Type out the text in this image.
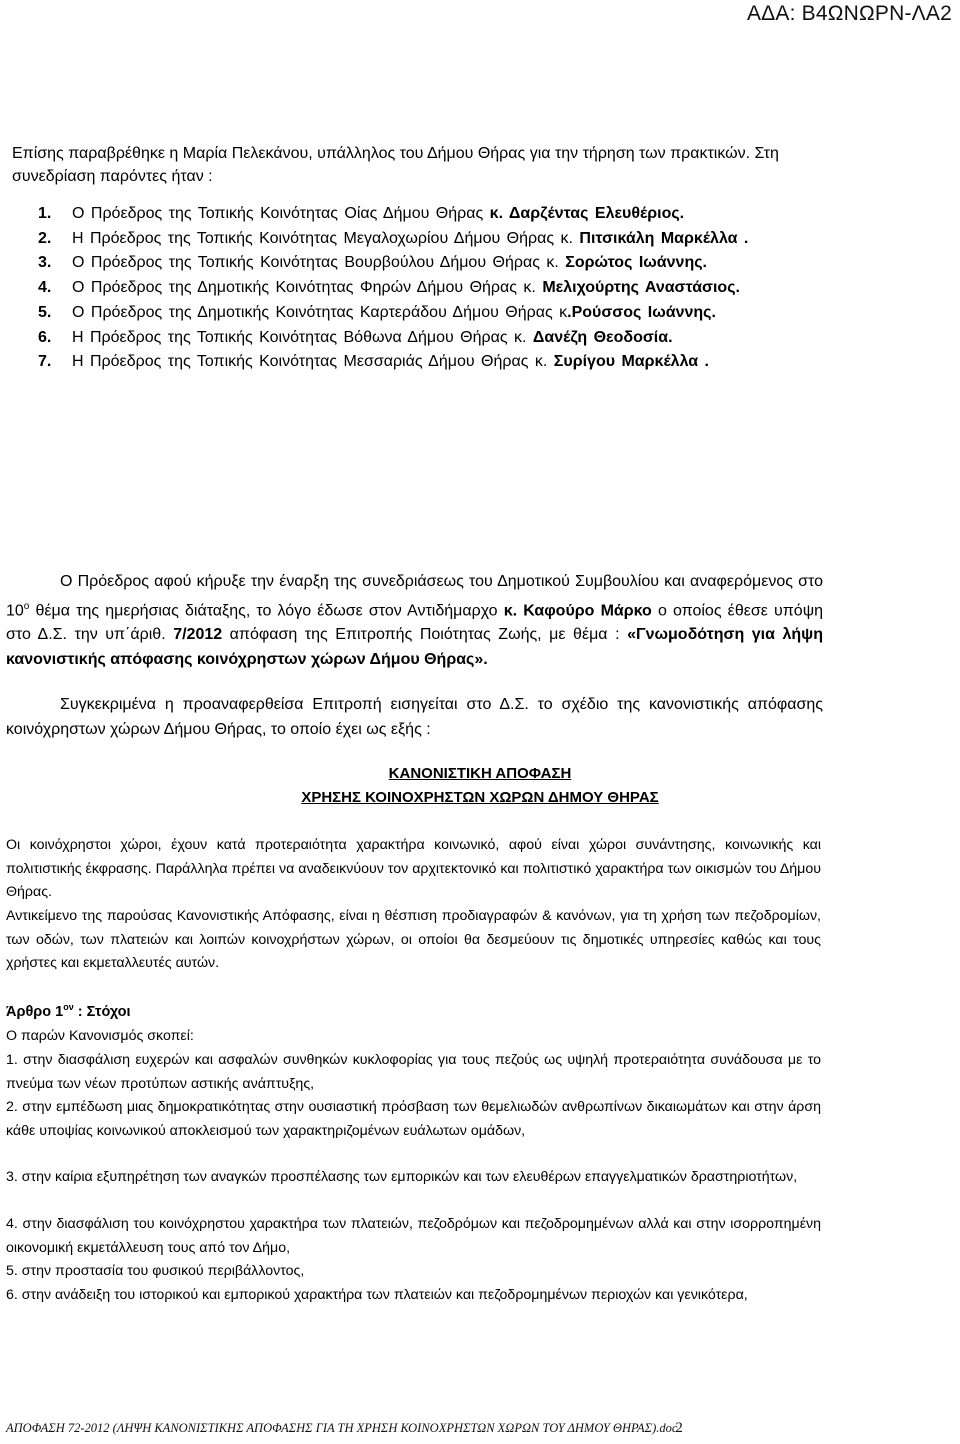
ΑΔΑ: Β4ΩΝΩΡΝ-ΛΑ2
Επίσης παραβρέθηκε η Μαρία Πελεκάνου, υπάλληλος του Δήμου Θήρας για την τήρηση των πρακτικών. Στη συνεδρίαση παρόντες ήταν :
1.	Ο Πρόεδρος της Τοπικής Κοινότητας Οίας Δήμου Θήρας κ. Δαρζέντας Ελευθέριος.
2.	Η Πρόεδρος της Τοπικής Κοινότητας Μεγαλοχωρίου Δήμου Θήρας κ. Πιτσικάλη Μαρκέλλα .
3.	Ο Πρόεδρος της Τοπικής Κοινότητας Βουρβούλου Δήμου Θήρας κ. Σορώτος Ιωάννης.
4.	Ο Πρόεδρος της Δημοτικής Κοινότητας Φηρών Δήμου Θήρας κ. Μελιχούρτης Αναστάσιος.
5.	Ο Πρόεδρος της Δημοτικής Κοινότητας Καρτεράδου Δήμου Θήρας κ.Ρούσσος Ιωάννης.
6.	Η Πρόεδρος της Τοπικής Κοινότητας Βόθωνα Δήμου Θήρας κ. Δανέζη Θεοδοσία.
7.	Η Πρόεδρος της Τοπικής Κοινότητας Μεσσαριάς Δήμου Θήρας κ. Συρίγου Μαρκέλλα .

Ο Πρόεδρος αφού κήρυξε την έναρξη της συνεδριάσεως του Δημοτικού Συμβουλίου και αναφερόμενος στο $10^o$ θέμα της ημερήσιας διάταξης, το λόγο έδωσε στον Αντιδήμαρχο κ. Καφούρο Μάρκο ο οποίος έθεσε υπόψη στο Δ.Σ. την υπ΄άριθ. 7/2012 απόφαση της Επιτροπής Ποιότητας Ζωής, με θέμα : «Γνωμοδότηση για λήψη κανονιστικής απόφασης κοινόχρηστων χώρων Δήμου Θήρας».

Συγκεκριμένα η προαναφερθείσα Επιτροπή εισηγείται στο Δ.Σ. το σχέδιο της κανονιστικής απόφασης κοινόχρηστων χώρων Δήμου Θήρας, το οποίο έχει ως εξής :

ΚΑΝΟΝΙΣΤΙΚΗ ΑΠΟΦΑΣΗ
ΧΡΗΣΗΣ ΚΟΙΝΟΧΡΗΣΤΩΝ ΧΩΡΩΝ ΔΗΜΟΥ ΘΗΡΑΣ

Οι κοινόχρηστοι χώροι, έχουν κατά προτεραιότητα χαρακτήρα κοινωνικό, αφού είναι χώροι συνάντησης, κοινωνικής και πολιτιστικής έκφρασης. Παράλληλα πρέπει να αναδεικνύουν τον αρχιτεκτονικό και πολιτιστικό χαρακτήρα των οικισμών του Δήμου Θήρας.

Αντικείμενο της παρούσας Κανονιστικής Απόφασης, είναι η θέσπιση προδιαγραφών & κανόνων, για τη χρήση των πεζοδρομίων, των οδών, των πλατειών και λοιπών κοινοχρήστων χώρων, οι οποίοι θα δεσμεύουν τις δημοτικές υπηρεσίες καθώς και τους χρήστες και εκμεταλλευτές αυτών.

Άρθρο $1^{o\nu}$ : Στόχοι

Ο παρών Κανονισμός σκοπεί:

1. στην διασφάλιση ευχερών και ασφαλών συνθηκών κυκλοφορίας για τους πεζούς ως υψηλή προτεραιότητα συνάδουσα με το πνεύμα των νέων προτύπων αστικής ανάπτυξης,

2. στην εμπέδωση μιας δημοκρατικότητας στην ουσιαστική πρόσβαση των θεμελιωδών ανθρωπίνων δικαιωμάτων και στην άρση κάθε υποψίας κοινωνικού αποκλεισμού των χαρακτηριζομένων ευάλωτων ομάδων,

3. στην καίρια εξυπηρέτηση των αναγκών προσπέλασης των εμπορικών και των ελευθέρων επαγγελματικών δραστηριοτήτων,

4. στην διασφάλιση του κοινόχρηστου χαρακτήρα των πλατειών, πεζοδρόμων και πεζοδρομημένων αλλά και στην ισορροπημένη οικονομική εκμετάλλευση τους από τον Δήμο,

5. στην προστασία του φυσικού περιβάλλοντος,

6. στην ανάδειξη του ιστορικού και εμπορικού χαρακτήρα των πλατειών και πεζοδρομημένων περιοχών και γενικότερα,

ΑΠΟΦΑΣΗ 72-2012 (ΛΗΨΗ ΚΑΝΟΝΙΣΤΙΚΗΣ ΑΠΟΦΑΣΗΣ ΓΙΑ ΤΗ ΧΡΗΣΗ ΚΟΙΝΟΧΡΗΣΤΩΝ ΧΩΡΩΝ ΤΟΥ ΔΗΜΟΥ ΘΗΡΑΣ).doc2
